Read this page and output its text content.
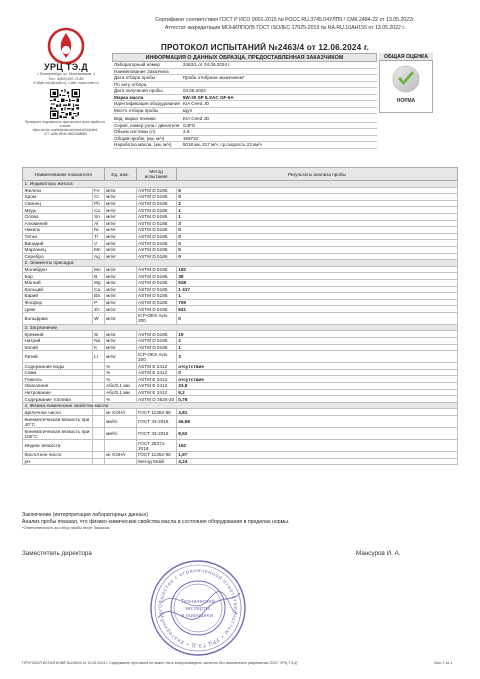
Сертификат соответствия ГОСТ Р ИСО 9001-2015 № РОСС RU.3745.04УЛП0 / СМК.2484-22 от 13.05.2022г.
Аттестат аккредитации МОНИЛПОЛ5 ГОСТ ISO/IEC 17025-2019 № RA.RU.10АН155 от 13.05.2022 г.
УРЦ ТЭ.Д
г. Екатеринбург, ул. Монтажников, 4
Тел.: 8(800)100-73-85
E-Mail: info@urcte.ru, Сайт: www.urcte.ru
Проверить подлинность протокола и фото пробы по
ссылке
https://urcte.ru/site/protocol/check/b7a3c6e4
-477-a28e-8b4e-f2b513b8f8f4
ПРОТОКОЛ ИСПЫТАНИЙ №2463/4 от 12.06.2024 г.
ИНФОРМАЦИЯ О ДАННЫХ ОБРАЗЦА, ПРЕДОСТАВЛЕННАЯ ЗАКАЗЧИКОМ	
Лабораторный номер	2463/1 от 04.06.2024 г.
Наименование Заказчика	
Дата отбора пробы	Проба отобрана заказчиком*
По акту отбора	
Дата получения пробы	04.06.2024
Марка масла	5W-20 SP ILSAC GF-6A
Идентификация оборудования	KIA Ceed JD
Место отбора пробы	Щуп

Вид, марка техники	KIA Ceed JD
Серия, номер узла / двигателя	G4FG
Объем системы (л)	3,6
Общий пробег, (км, м/ч)	169722
Наработка масла, (км, м/ч)	5018 км, 217 м/ч, ср.скорость 23 км/ч
ОБЩАЯ ОЦЕНКА
НОРМА
Наименование показателя		Ед. изм.	Метод испытания	Результаты анализа пробы
1. Индикаторы износа				
Железо	Fe	мг/кг	ASTM D 5185	6
Хром	Cr	мг/кг	ASTM D 5185	0
Свинец	Pb	мг/кг	ASTM D 5185	2
Медь	Cu	мг/кг	ASTM D 5185	1
Олово	Sn	мг/кг	ASTM D 5185	1
Алюминий	Al	мг/кг	ASTM D 5185	3
Никель	Ni	мг/кг	ASTM D 5185	0
Титан	Ti	мг/кг	ASTM D 5185	0
Ванадий	V	мг/кг	ASTM D 5185	0
Марганец	Mn	мг/кг	ASTM D 5185	0
Серебро	Ag	мг/кг	ASTM D 5185	0
2. Элементы присадок				
Молибден	Mo	мг/кг	ASTM D 5185	182
Бор	B	мг/кг	ASTM D 5185	38
Магний	Mg	мг/кг	ASTM D 5185	528
Кальций	Ca	мг/кг	ASTM D 5185	1 417
Барий	Ba	мг/кг	ASTM D 5185	1
Фосфор	P	мг/кг	ASTM D 5185	709
Цинк	Zn	мг/кг	ASTM D 5185	841
Вольфрам	W	мг/кг	ICP-OES Avio 200	0
3. Загрязнение				
Кремний	Si	мг/кг	ASTM D 5185	19
Натрий	Na	мг/кг	ASTM D 5185	2
Калий	K	мг/кг	ASTM D 5185	1
Литий	Li	мг/кг	ICP-OES Avio 200	3
Содержание воды		%	ASTM E 2412	отсутствие
Сажа		%	ASTM E 2412	0
Гликоль		%	ASTM E 2412	отсутствие
Окисление		Абс/0,1 мм	ASTM E 2412	33,8
Нитрование		Абс/0,1 мм	ASTM E 2412	9,2
Содержание топлива		%	ASTM D 3525-20	0,76
4. Физико-химические свойства масла				
Щелочное число		мг KOH/г	ГОСТ 11362-96	3,81
Кинематическая вязкость при 40°С		мм²/с	ГОСТ 33-2016	46,68
Кинематическая вязкость при 100°С		мм²/с	ГОСТ 33-2016	8,52
Индекс вязкости			ГОСТ 25371-2018	162
Кислотное число		мг KOH/г	ГОСТ 11362-96	1,97
рН			Метод Mobil	4,24
Заключение (интерпретация лабораторных данных)
Анализ пробы показал, что физико-химические свойства масла и состояние оборудования в пределах нормы.
*Ответственность за отбор пробы несет Заказчик
Заместитель директора	Мансуров И. А.
Технический
эксперты
и оценщики
Общество с ограниченной ответственностью • УРЦ ТЭ.Д • Екатеринбург
ПРОТОКОЛ ИСПЫТАНИЙ №2463/4 от 12.06.2024 г. Содержание протокола не может быть воспроизведено частично без письменного разрешения ООО "УРЦ ТЭ.Д"	Лист 1 из 1
